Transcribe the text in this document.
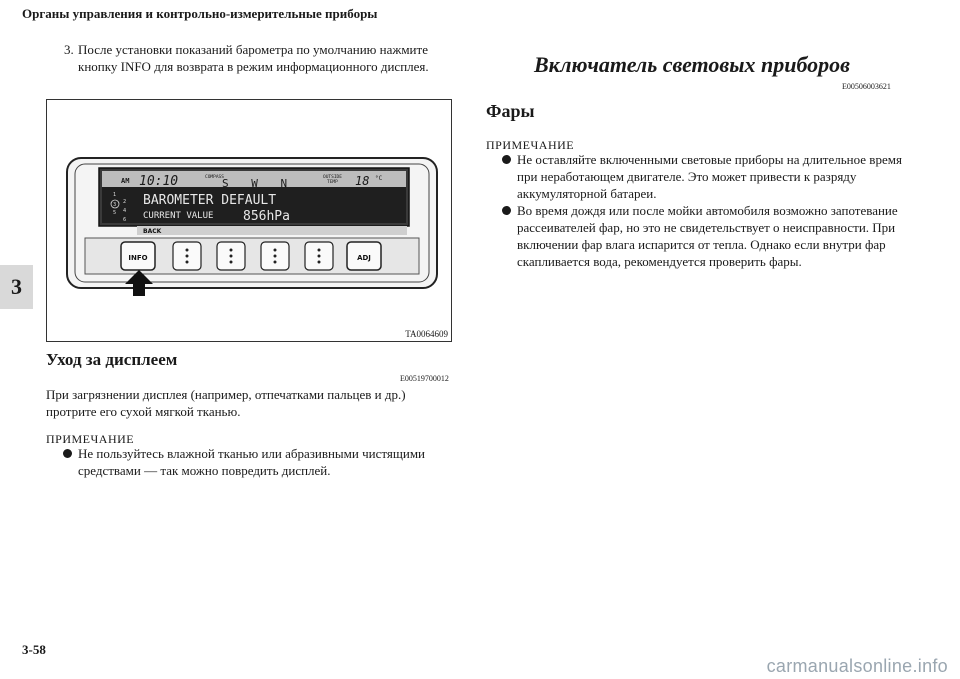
Органы управления и контрольно-измерительные приборы
3
3. После установки показаний барометра по умолчанию нажмите кнопку INFO для возврата в режим информационного дисплея.
AM 10:10	COMPASS
S W N	OUTSIDE
TEMP 18 °C
1
2
3
4
5
6
BAROMETER DEFAULT
CURRENT VALUE 856hPa
BACK
INFO	ADJ
TA0064609
Уход за дисплеем
E00519700012
При загрязнении дисплея (например, отпечатками пальцев и др.) протрите его сухой мягкой тканью.
ПРИМЕЧАНИЕ
Не пользуйтесь влажной тканью или абразивными чистящими средствами — так можно повредить дисплей.
Включатель световых приборов
E00506003621
Фары
ПРИМЕЧАНИЕ
Не оставляйте включенными световые приборы на длительное время при неработающем двигателе. Это может привести к разряду аккумуляторной батареи.
Во время дождя или после мойки автомобиля возможно запотевание рассеивателей фар, но это не свидетельствует о неисправности. При включении фар влага испарится от тепла. Однако если внутри фар скапливается вода, рекомендуется проверить фары.
3-58
carmanualsonline.info
